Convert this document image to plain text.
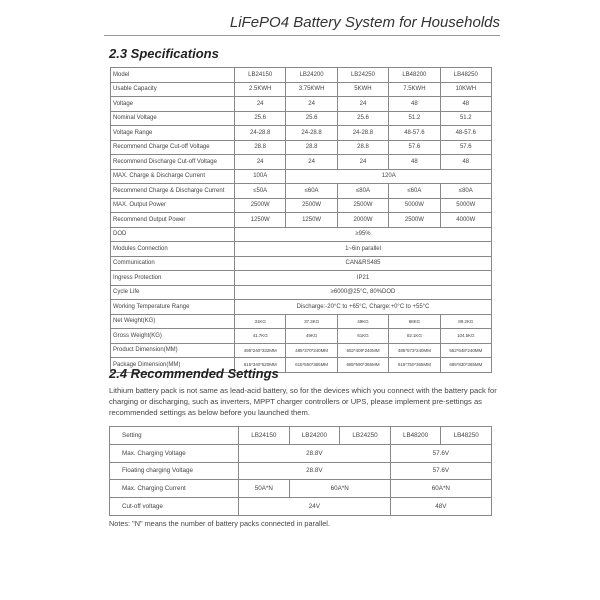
LiFePO4 Battery System for Households
2.3 Specifications
Model	LB24150	LB24200	LB24250	LB48200	LB48250
Usable Capacity	2.5KWH	3.75KWH	5KWH	7.5KWH	10KWH
Voltage	24	24	24	48	48
Nominal Voltage	25.6	25.6	25.6	51.2	51.2
Voltage Range	24-28.8	24-28.8	24-28.8	48-57.6	48-57.6
Recommend Charge Cut-off Voltage	28.8	28.8	28.8	57.6	57.6
Recommend Discharge Cut-off Voltage	24	24	24	48	48
MAX. Charge & Discharge Current	100A	120A			
Recommend Charge & Discharge Current	≤50A	≤60A	≤80A	≤60A	≤80A
MAX. Output Power	2500W	2500W	2500W	5000W	5000W
Recommend Output Power	1250W	1250W	2000W	2500W	4000W
DOD	≥95%				
Modules Connection	1~6in parallel				
Communication	CAN&RS485				
Ingress Protection	IP21				
Cycle Life	≥6000@25°C, 80%DOD				
Working Temperature Range	Discharge:-20°C to +65°C, Charge:+0°C to +55°C				
Net Weight(KG)	31KG	37.3KG	49KG	68KG	89.2KG
Gross Weight(KG)	41.7KG	49KG	61KG	82.1KG	104.5KG
Product Dimension(MM)	495*240*332MM	485*370*240MM	552*409*240MM	485*573*240MM	552*648*240MM
Package Dimension(MM)	615*340*520MM	615*550*365MM	685*590*365MM	615*750*365MM	685*830*365MM
2.4 Recommended Settings
Lithium battery pack is not same as lead-acid battery, so for the devices which you connect with the battery pack for charging or discharging, such as inverters, MPPT charger controllers or UPS, please implement pre-settings as recommended settings as below before you launched them.
Setting	LB24150	LB24200	LB24250	LB48200	LB48250
Max. Charging Voltage	28.8V			57.6V	
Floating charging Voltage	28.8V			57.6V	
Max. Charging Current	50A*N	60A*N		60A*N	
Cut-off voltage	24V			48V	
Notes: "N" means the number of battery packs connected in parallel.
